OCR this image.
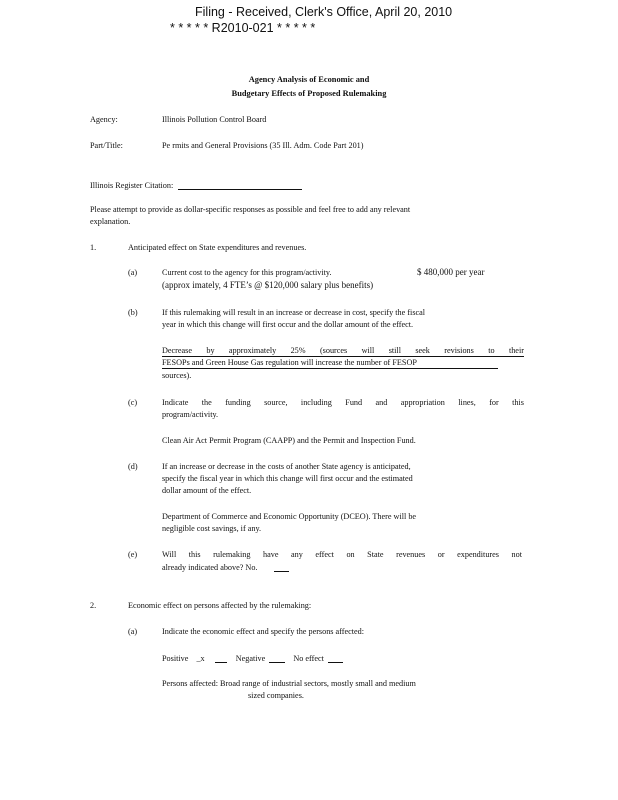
Filing - Received, Clerk's Office, April 20, 2010
* * * * * R2010-021 * * * * *
Agency Analysis of Economic and
Budgetary Effects of Proposed Rulemaking
Agency:	Illinois Pollution Control Board
Part/Title:	Pe rmits and General Provisions (35 Ill. Adm. Code Part 201)
Illinois Register Citation:
Please attempt to provide as dollar-specific responses as possible and feel free to add any relevant
explanation.
1.	Anticipated effect on State expenditures and revenues.
(a)	Current cost to the agency for this program/activity.	$ 480,000 per year
(approx imately, 4 FTE’s @ $120,000 salary plus benefits)
(b)	If this rulemaking will result in an increase or decrease in cost, specify the fiscal
year in which this change will first occur and the dollar amount of the effect.
Decrease by approximately 25% (sources will still seek revisions to their
FESOPs and Green House Gas regulation will increase the number of FESOP
sources).
(c)	Indicate the funding source, including Fund and appropriation lines, for this
program/activity.
Clean Air Act Permit Program (CAAPP) and the Permit and Inspection Fund.
(d)	If an increase or decrease in the costs of another State agency is anticipated,
specify the fiscal year in which this change will first occur and the estimated
dollar amount of the effect.
Department of Commerce and Economic Opportunity (DCEO). There will be
negligible cost savings, if any.
(e)	Will this rulemaking have any effect on State revenues or expenditures not
already indicated above? No.
2.	Economic effect on persons affected by the rulemaking:
(a)	Indicate the economic effect and specify the persons affected:
Positive _x	Negative	No effect
Persons affected: Broad range of industrial sectors, mostly small and medium
sized companies.
